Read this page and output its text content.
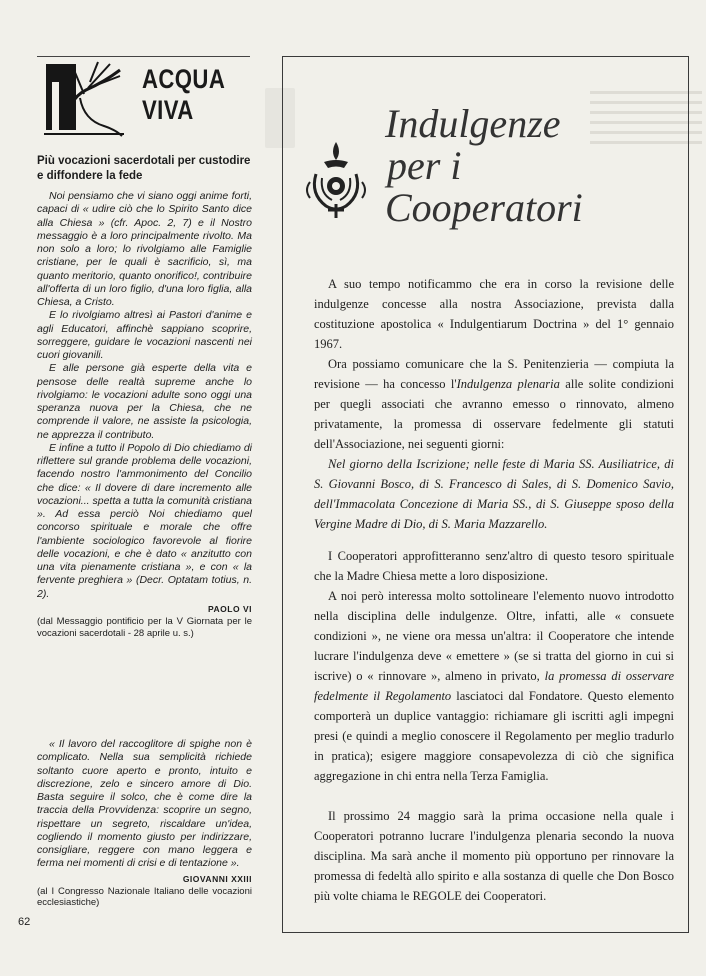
ACQUA
VIVA
Più vocazioni sacerdotali per custodire e diffondere la fede

Noi pensiamo che vi siano oggi anime forti, capaci di « udire ciò che lo Spirito Santo dice alla Chiesa » (cfr. Apoc. 2, 7) e il Nostro messaggio è a loro principalmente rivolto. Ma non solo a loro; lo rivolgiamo alle Famiglie cristiane, per le quali è sacrificio, sì, ma quanto meritorio, quanto onorifico!, contribuire all'offerta di un loro figlio, d'una loro figlia, alla Chiesa, a Cristo.

E lo rivolgiamo altresì ai Pastori d'anime e agli Educatori, affinchè sappiano scoprire, sorreggere, guidare le vocazioni nascenti nei cuori giovanili.

E alle persone già esperte della vita e pensose delle realtà supreme anche lo rivolgiamo: le vocazioni adulte sono oggi una speranza nuova per la Chiesa, che ne comprende il valore, ne assiste la psicologia, ne apprezza il contributo.

E infine a tutto il Popolo di Dio chiediamo di riflettere sul grande problema delle vocazioni, facendo nostro l'ammonimento del Concilio che dice: « Il dovere di dare incremento alle vocazioni... spetta a tutta la comunità cristiana ». Ad essa perciò Noi chiediamo quel concorso spirituale e morale che offre l'ambiente sociologico favorevole al fiorire delle vocazioni, e che è dato « anzitutto con una vita pienamente cristiana », e con « la fervente preghiera » (Decr. Optatam totius, n. 2).

PAOLO VI

(dal Messaggio pontificio per la V Giornata per le vocazioni sacerdotali - 28 aprile u. s.)

« Il lavoro del raccoglitore di spighe non è complicato. Nella sua semplicità richiede soltanto cuore aperto e pronto, intuito e discrezione, zelo e sincero amore di Dio. Basta seguire il solco, che è come dire la traccia della Provvidenza: scoprire un segno, rispettare un segreto, riscaldare un'idea, cogliendo il momento giusto per indirizzare, consigliare, reggere con mano leggera e ferma nei momenti di crisi e di tentazione ».

GIOVANNI XXIII

(al I Congresso Nazionale Italiano delle vocazioni ecclesiastiche)

62
Indulgenze
per i
Cooperatori

A suo tempo notificammo che era in corso la revisione delle indulgenze concesse alla nostra Associazione, prevista dalla costituzione apostolica « Indulgentiarum Doctrina » del 1° gennaio 1967.

Ora possiamo comunicare che la S. Penitenzieria — compiuta la revisione — ha concesso l'Indulgenza plenaria alle solite condizioni per quegli associati che avranno emesso o rinnovato, almeno privatamente, la promessa di osservare fedelmente gli statuti dell'Associazione, nei seguenti giorni:

Nel giorno della Iscrizione; nelle feste di Maria SS. Ausiliatrice, di S. Giovanni Bosco, di S. Francesco di Sales, di S. Domenico Savio, dell'Immacolata Concezione di Maria SS., di S. Giuseppe sposo della Vergine Madre di Dio, di S. Maria Mazzarello.

I Cooperatori approfitteranno senz'altro di questo tesoro spirituale che la Madre Chiesa mette a loro disposizione.

A noi però interessa molto sottolineare l'elemento nuovo introdotto nella disciplina delle indulgenze. Oltre, infatti, alle « consuete condizioni », ne viene ora messa un'altra: il Cooperatore che intende lucrare l'indulgenza deve « emettere » (se si tratta del giorno in cui si iscrive) o « rinnovare », almeno in privato, la promessa di osservare fedelmente il Regolamento lasciatoci dal Fondatore. Questo elemento comporterà un duplice vantaggio: richiamare gli iscritti agli impegni presi (e quindi a meglio conoscere il Regolamento per meglio tradurlo in pratica); esigere maggiore consapevolezza di ciò che significa aggregazione in chi entra nella Terza Famiglia.

Il prossimo 24 maggio sarà la prima occasione nella quale i Cooperatori potranno lucrare l'indulgenza plenaria secondo la nuova disciplina. Ma sarà anche il momento più opportuno per rinnovare la promessa di fedeltà allo spirito e alla sostanza di quelle che Don Bosco più volte chiama le REGOLE dei Cooperatori.
